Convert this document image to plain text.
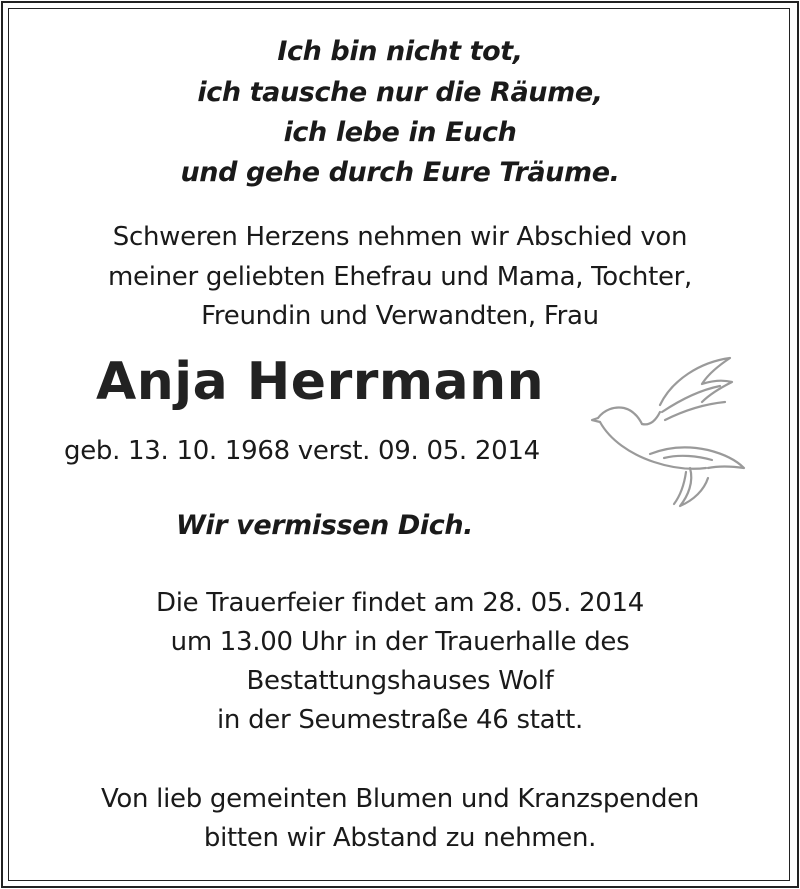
Ich bin nicht tot,
ich tausche nur die Räume,
ich lebe in Euch
und gehe durch Eure Träume.
Schweren Herzens nehmen wir Abschied von
meiner geliebten Ehefrau und Mama, Tochter,
Freundin und Verwandten, Frau
Anja Herrmann
geb. 13. 10. 1968 verst. 09. 05. 2014
Wir vermissen Dich.
Die Trauerfeier findet am 28. 05. 2014
um 13.00 Uhr in der Trauerhalle des
Bestattungshauses Wolf
in der Seumestraße 46 statt.
Von lieb gemeinten Blumen und Kranzspenden
bitten wir Abstand zu nehmen.
